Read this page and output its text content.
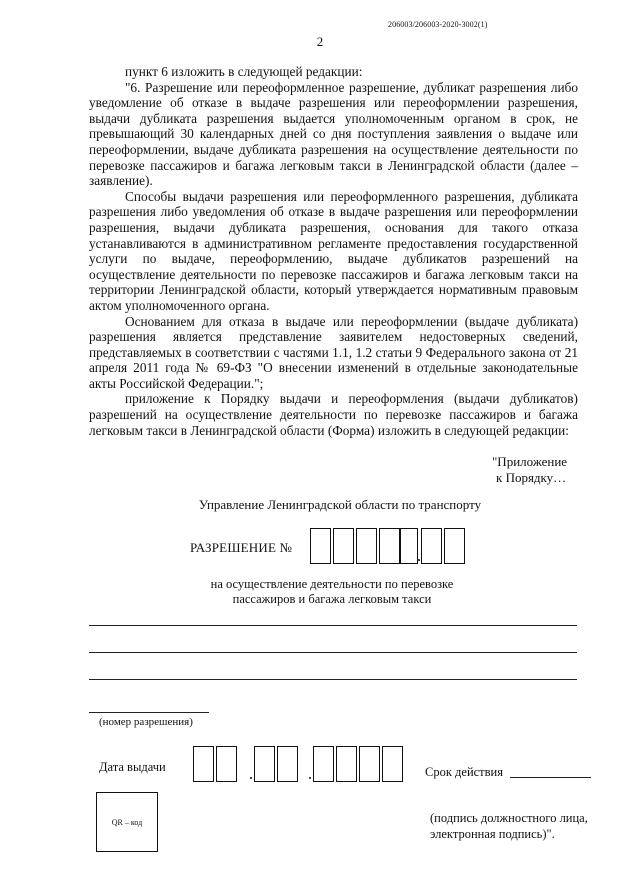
206003/206003-2020-3002(1)
2

пункт 6 изложить в следующей редакции:

"6. Разрешение или переоформленное разрешение, дубликат разрешения либо уведомление об отказе в выдаче разрешения или переоформлении разрешения, выдачи дубликата разрешения выдается уполномоченным органом в срок, не превышающий 30 календарных дней со дня поступления заявления о выдаче или переоформлении, выдаче дубликата разрешения на осуществление деятельности по перевозке пассажиров и багажа легковым такси в Ленинградской области (далее – заявление).

Способы выдачи разрешения или переоформленного разрешения, дубликата разрешения либо уведомления об отказе в выдаче разрешения или переоформлении разрешения, выдачи дубликата разрешения, основания для такого отказа устанавливаются в административном регламенте предоставления государственной услуги по выдаче, переоформлению, выдаче дубликатов разрешений на осуществление деятельности по перевозке пассажиров и багажа легковым такси на территории Ленинградской области, который утверждается нормативным правовым актом уполномоченного органа.

Основанием для отказа в выдаче или переоформлении (выдаче дубликата) разрешения является представление заявителем недостоверных сведений, представляемых в соответствии с частями 1.1, 1.2 статьи 9 Федерального закона от 21 апреля 2011 года № 69-ФЗ "О внесении изменений в отдельные законодательные акты Российской Федерации.";

приложение к Порядку выдачи и переоформления (выдачи дубликатов) разрешений на осуществление деятельности по перевозке пассажиров и багажа легковым такси в Ленинградской области (Форма) изложить в следующей редакции:

"Приложение
к Порядку…
Управление Ленинградской области по транспорту
РАЗРЕШЕНИЕ №
на осуществление деятельности по перевозке
пассажиров и багажа легковым такси
(номер разрешения)
Дата выдачи	Срок действия
QR – код	(подпись должностного лица,
электронная подпись)".
